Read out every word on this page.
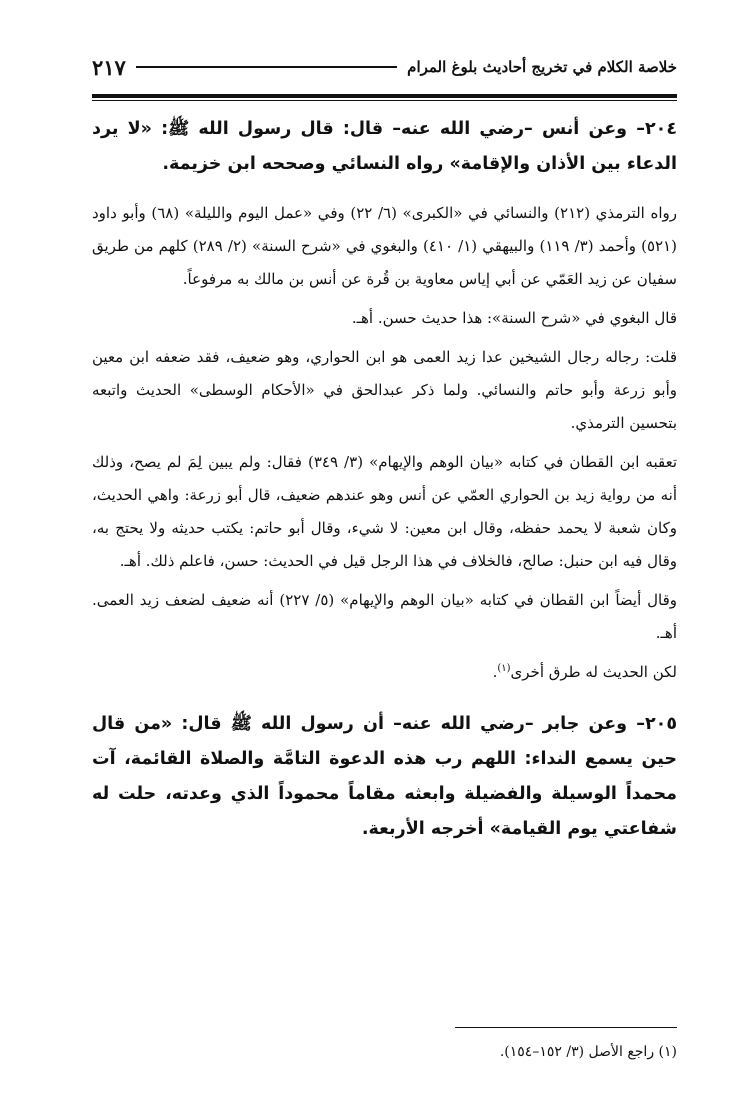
خلاصة الكلام في تخريج أحاديث بلوغ المرام
٢١٧

٢٠٤– وعن أنس –رضي الله عنه– قال: قال رسول الله ﷺ: «لا يرد الدعاء بين الأذان والإقامة» رواه النسائي وصححه ابن خزيمة.

رواه الترمذي (٢١٢) والنسائي في «الكبرى» (٦/ ٢٢) وفي «عمل اليوم والليلة» (٦٨) وأبو داود (٥٢١) وأحمد (٣/ ١١٩) والبيهقي (١/ ٤١٠) والبغوي في «شرح السنة» (٢/ ٢٨٩) كلهم من طريق سفيان عن زيد العَمّي عن أبي إياس معاوية بن قُرة عن أنس بن مالك به مرفوعاً.

قال البغوي في «شرح السنة»: هذا حديث حسن. أهـ.

قلت: رجاله رجال الشيخين عدا زيد العمى هو ابن الحواري، وهو ضعيف، فقد ضعفه ابن معين وأبو زرعة وأبو حاتم والنسائي. ولما ذكر عبدالحق في «الأحكام الوسطى» الحديث واتبعه بتحسين الترمذي.

تعقبه ابن القطان في كتابه «بيان الوهم والإيهام» (٣/ ٣٤٩) فقال: ولم يبين لِمَ لم يصح، وذلك أنه من رواية زيد بن الحواري العمّي عن أنس وهو عندهم ضعيف، قال أبو زرعة: واهي الحديث، وكان شعبة لا يحمد حفظه، وقال ابن معين: لا شيء، وقال أبو حاتم: يكتب حديثه ولا يحتج به، وقال فيه ابن حنبل: صالح، فالخلاف في هذا الرجل قيل في الحديث: حسن، فاعلم ذلك. أهـ.

وقال أيضاً ابن القطان في كتابه «بيان الوهم والإيهام» (٥/ ٢٢٧) أنه ضعيف لضعف زيد العمى. أهـ.

لكن الحديث له طرق أخرى$^{(١)}$.

٢٠٥– وعن جابر –رضي الله عنه– أن رسول الله ﷺ قال: «من قال حين يسمع النداء: اللهم رب هذه الدعوة التامَّة والصلاة القائمة، آت محمداً الوسيلة والفضيلة وابعثه مقاماً محموداً الذي وعدته، حلت له شفاعتي يوم القيامة» أخرجه الأربعة.

(١) راجع الأصل (٣/ ١٥٢–١٥٤).
